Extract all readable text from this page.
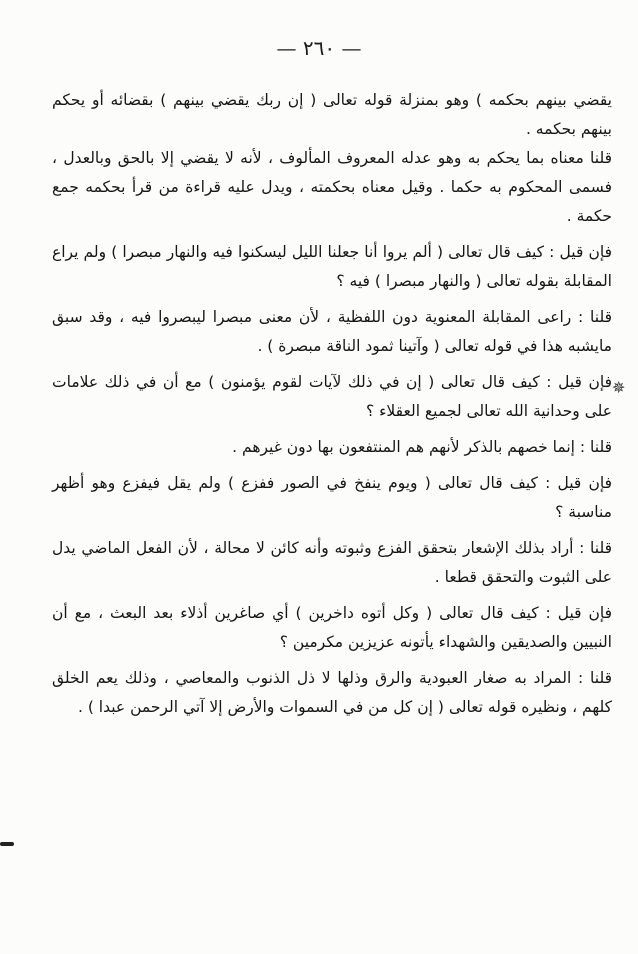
— ٢٦٠ —
✵

يقضي بينهم بحكمه ) وهو بمنزلة قوله تعالى ( إن ربك يقضي بينهم ) بقضائه أو يحكم بينهم بحكمه .

قلنا معناه بما يحكم به وهو عدله المعروف المألوف ، لأنه لا يقضي إلا بالحق وبالعدل ، فسمى المحكوم به حكما . وقيل معناه بحكمته ، ويدل عليه قراءة من قرأ بحكمه جمع حكمة .

فإن قيل : كيف قال تعالى ( ألم يروا أنا جعلنا الليل ليسكنوا فيه والنهار مبصرا ) ولم يراع المقابلة بقوله تعالى ( والنهار مبصرا ) فيه ؟

قلنا : راعى المقابلة المعنوية دون اللفظية ، لأن معنى مبصرا ليبصروا فيه ، وقد سبق مايشبه هذا في قوله تعالى ( وآتينا ثمود الناقة مبصرة ) .

فإن قيل : كيف قال تعالى ( إن في ذلك لآيات لقوم يؤمنون ) مع أن في ذلك علامات على وحدانية الله تعالى لجميع العقلاء ؟

قلنا : إنما خصهم بالذكر لأنهم هم المنتفعون بها دون غيرهم .

فإن قيل : كيف قال تعالى ( ويوم ينفخ في الصور ففزع ) ولم يقل فيفزع وهو أظهر مناسبة ؟

قلنا : أراد بذلك الإشعار بتحقق الفزع وثبوته وأنه كائن لا محالة ، لأن الفعل الماضي يدل على الثبوت والتحقق قطعا .

فإن قيل : كيف قال تعالى ( وكل أتوه داخرين ) أي صاغرين أذلاء بعد البعث ، مع أن النبيين والصديقين والشهداء يأتونه عزيزين مكرمين ؟

قلنا : المراد به صغار العبودية والرق وذلها لا ذل الذنوب والمعاصي ، وذلك يعم الخلق كلهم ، ونظيره قوله تعالى ( إن كل من في السموات والأرض إلا آتي الرحمن عبدا ) .
